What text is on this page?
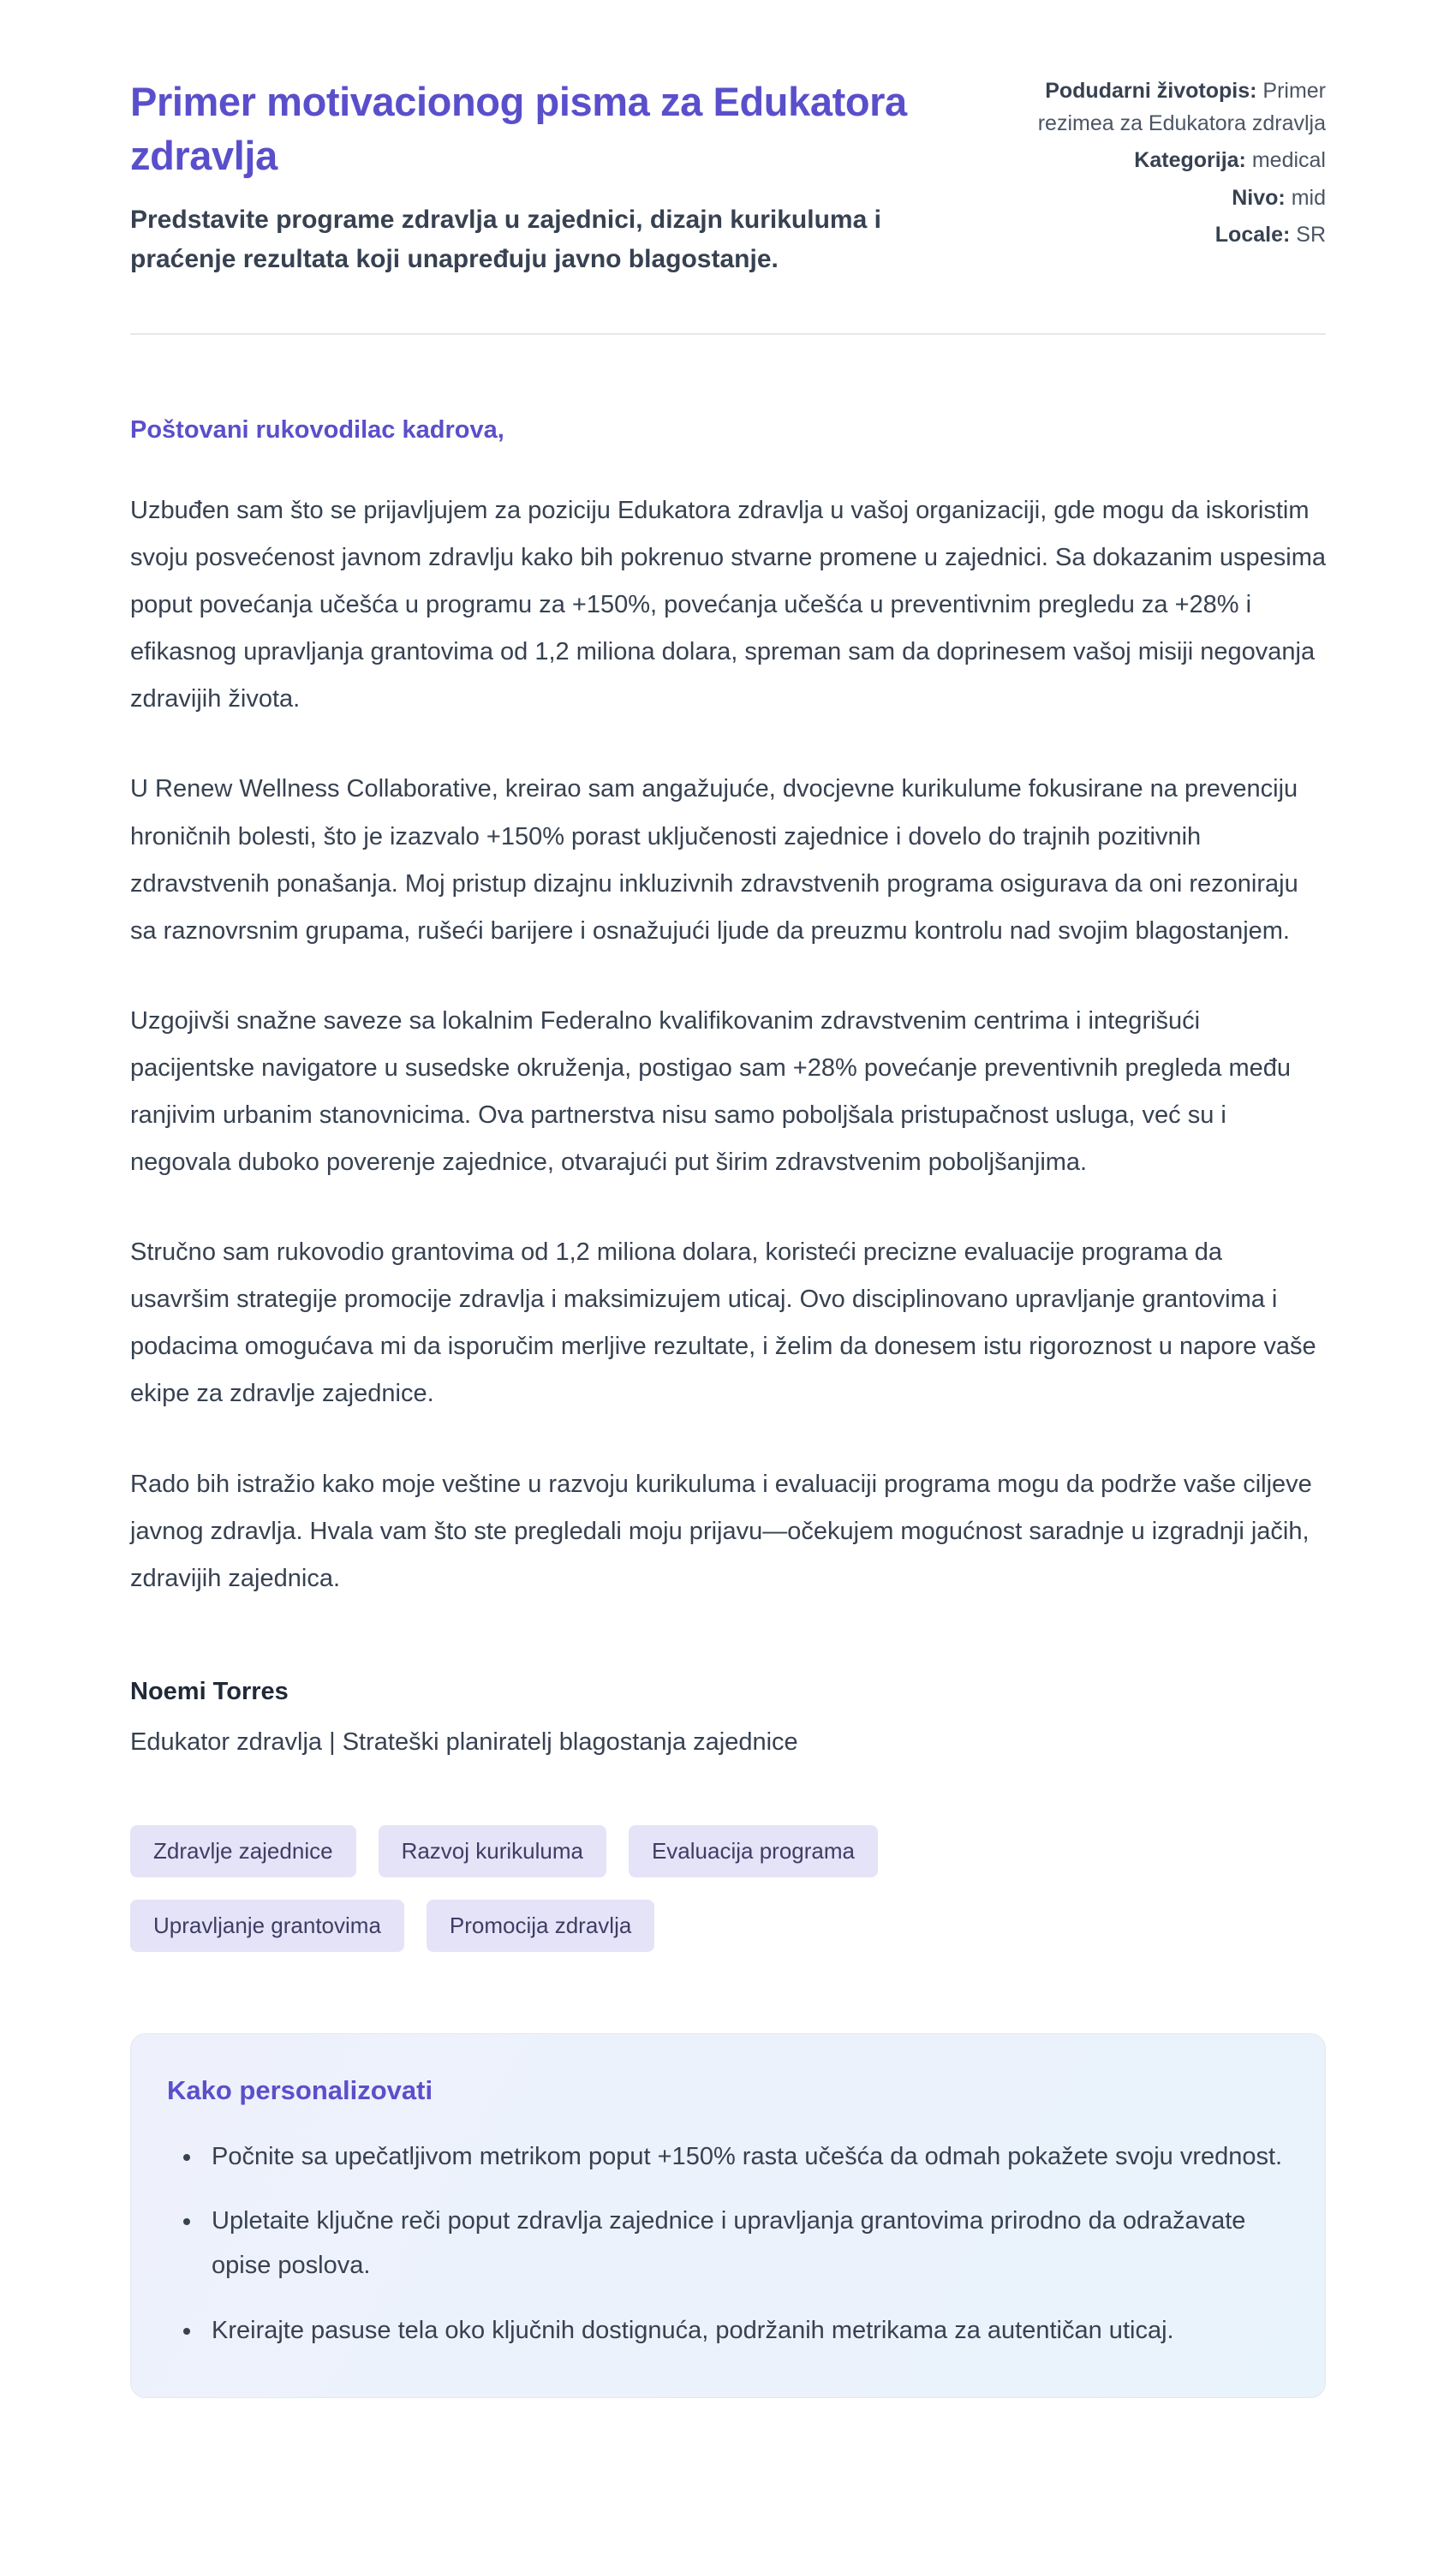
Primer motivacionog pisma za Edukatora zdravlja

Predstavite programe zdravlja u zajednici, dizajn kurikuluma i praćenje rezultata koji unapređuju javno blagostanje.

Podudarni životopis: Primer rezimea za Edukatora zdravlja
Kategorija: medical
Nivo: mid
Locale: SR

Poštovani rukovodilac kadrova,

Uzbuđen sam što se prijavljujem za poziciju Edukatora zdravlja u vašoj organizaciji, gde mogu da iskoristim svoju posvećenost javnom zdravlju kako bih pokrenuo stvarne promene u zajednici. Sa dokazanim uspesima poput povećanja učešća u programu za +150%, povećanja učešća u preventivnim pregledu za +28% i efikasnog upravljanja grantovima od 1,2 miliona dolara, spreman sam da doprinesem vašoj misiji negovanja zdravijih života.

U Renew Wellness Collaborative, kreirao sam angažujuće, dvocjevne kurikulume fokusirane na prevenciju hroničnih bolesti, što je izazvalo +150% porast uključenosti zajednice i dovelo do trajnih pozitivnih zdravstvenih ponašanja. Moj pristup dizajnu inkluzivnih zdravstvenih programa osigurava da oni rezoniraju sa raznovrsnim grupama, rušeći barijere i osnažujući ljude da preuzmu kontrolu nad svojim blagostanjem.

Uzgojivši snažne saveze sa lokalnim Federalno kvalifikovanim zdravstvenim centrima i integrišući pacijentske navigatore u susedske okruženja, postigao sam +28% povećanje preventivnih pregleda među ranjivim urbanim stanovnicima. Ova partnerstva nisu samo poboljšala pristupačnost usluga, već su i negovala duboko poverenje zajednice, otvarajući put širim zdravstvenim poboljšanjima.

Stručno sam rukovodio grantovima od 1,2 miliona dolara, koristeći precizne evaluacije programa da usavršim strategije promocije zdravlja i maksimizujem uticaj. Ovo disciplinovano upravljanje grantovima i podacima omogućava mi da isporučim merljive rezultate, i želim da donesem istu rigoroznost u napore vaše ekipe za zdravlje zajednice.

Rado bih istražio kako moje veštine u razvoju kurikuluma i evaluaciji programa mogu da podrže vaše ciljeve javnog zdravlja. Hvala vam što ste pregledali moju prijavu—očekujem mogućnost saradnje u izgradnji jačih, zdravijih zajednica.

Noemi Torres

Edukator zdravlja | Strateški planiratelj blagostanja zajednice

Zdravlje zajednice	Razvoj kurikuluma	Evaluacija programa
Upravljanje grantovima	Promocija zdravlja
Kako personalizovati
• Počnite sa upečatljivom metrikom poput +150% rasta učešća da odmah pokažete svoju vrednost.
• Upletaite ključne reči poput zdravlja zajednice i upravljanja grantovima prirodno da odražavate opise poslova.
• Kreirajte pasuse tela oko ključnih dostignuća, podržanih metrikama za autentičan uticaj.
